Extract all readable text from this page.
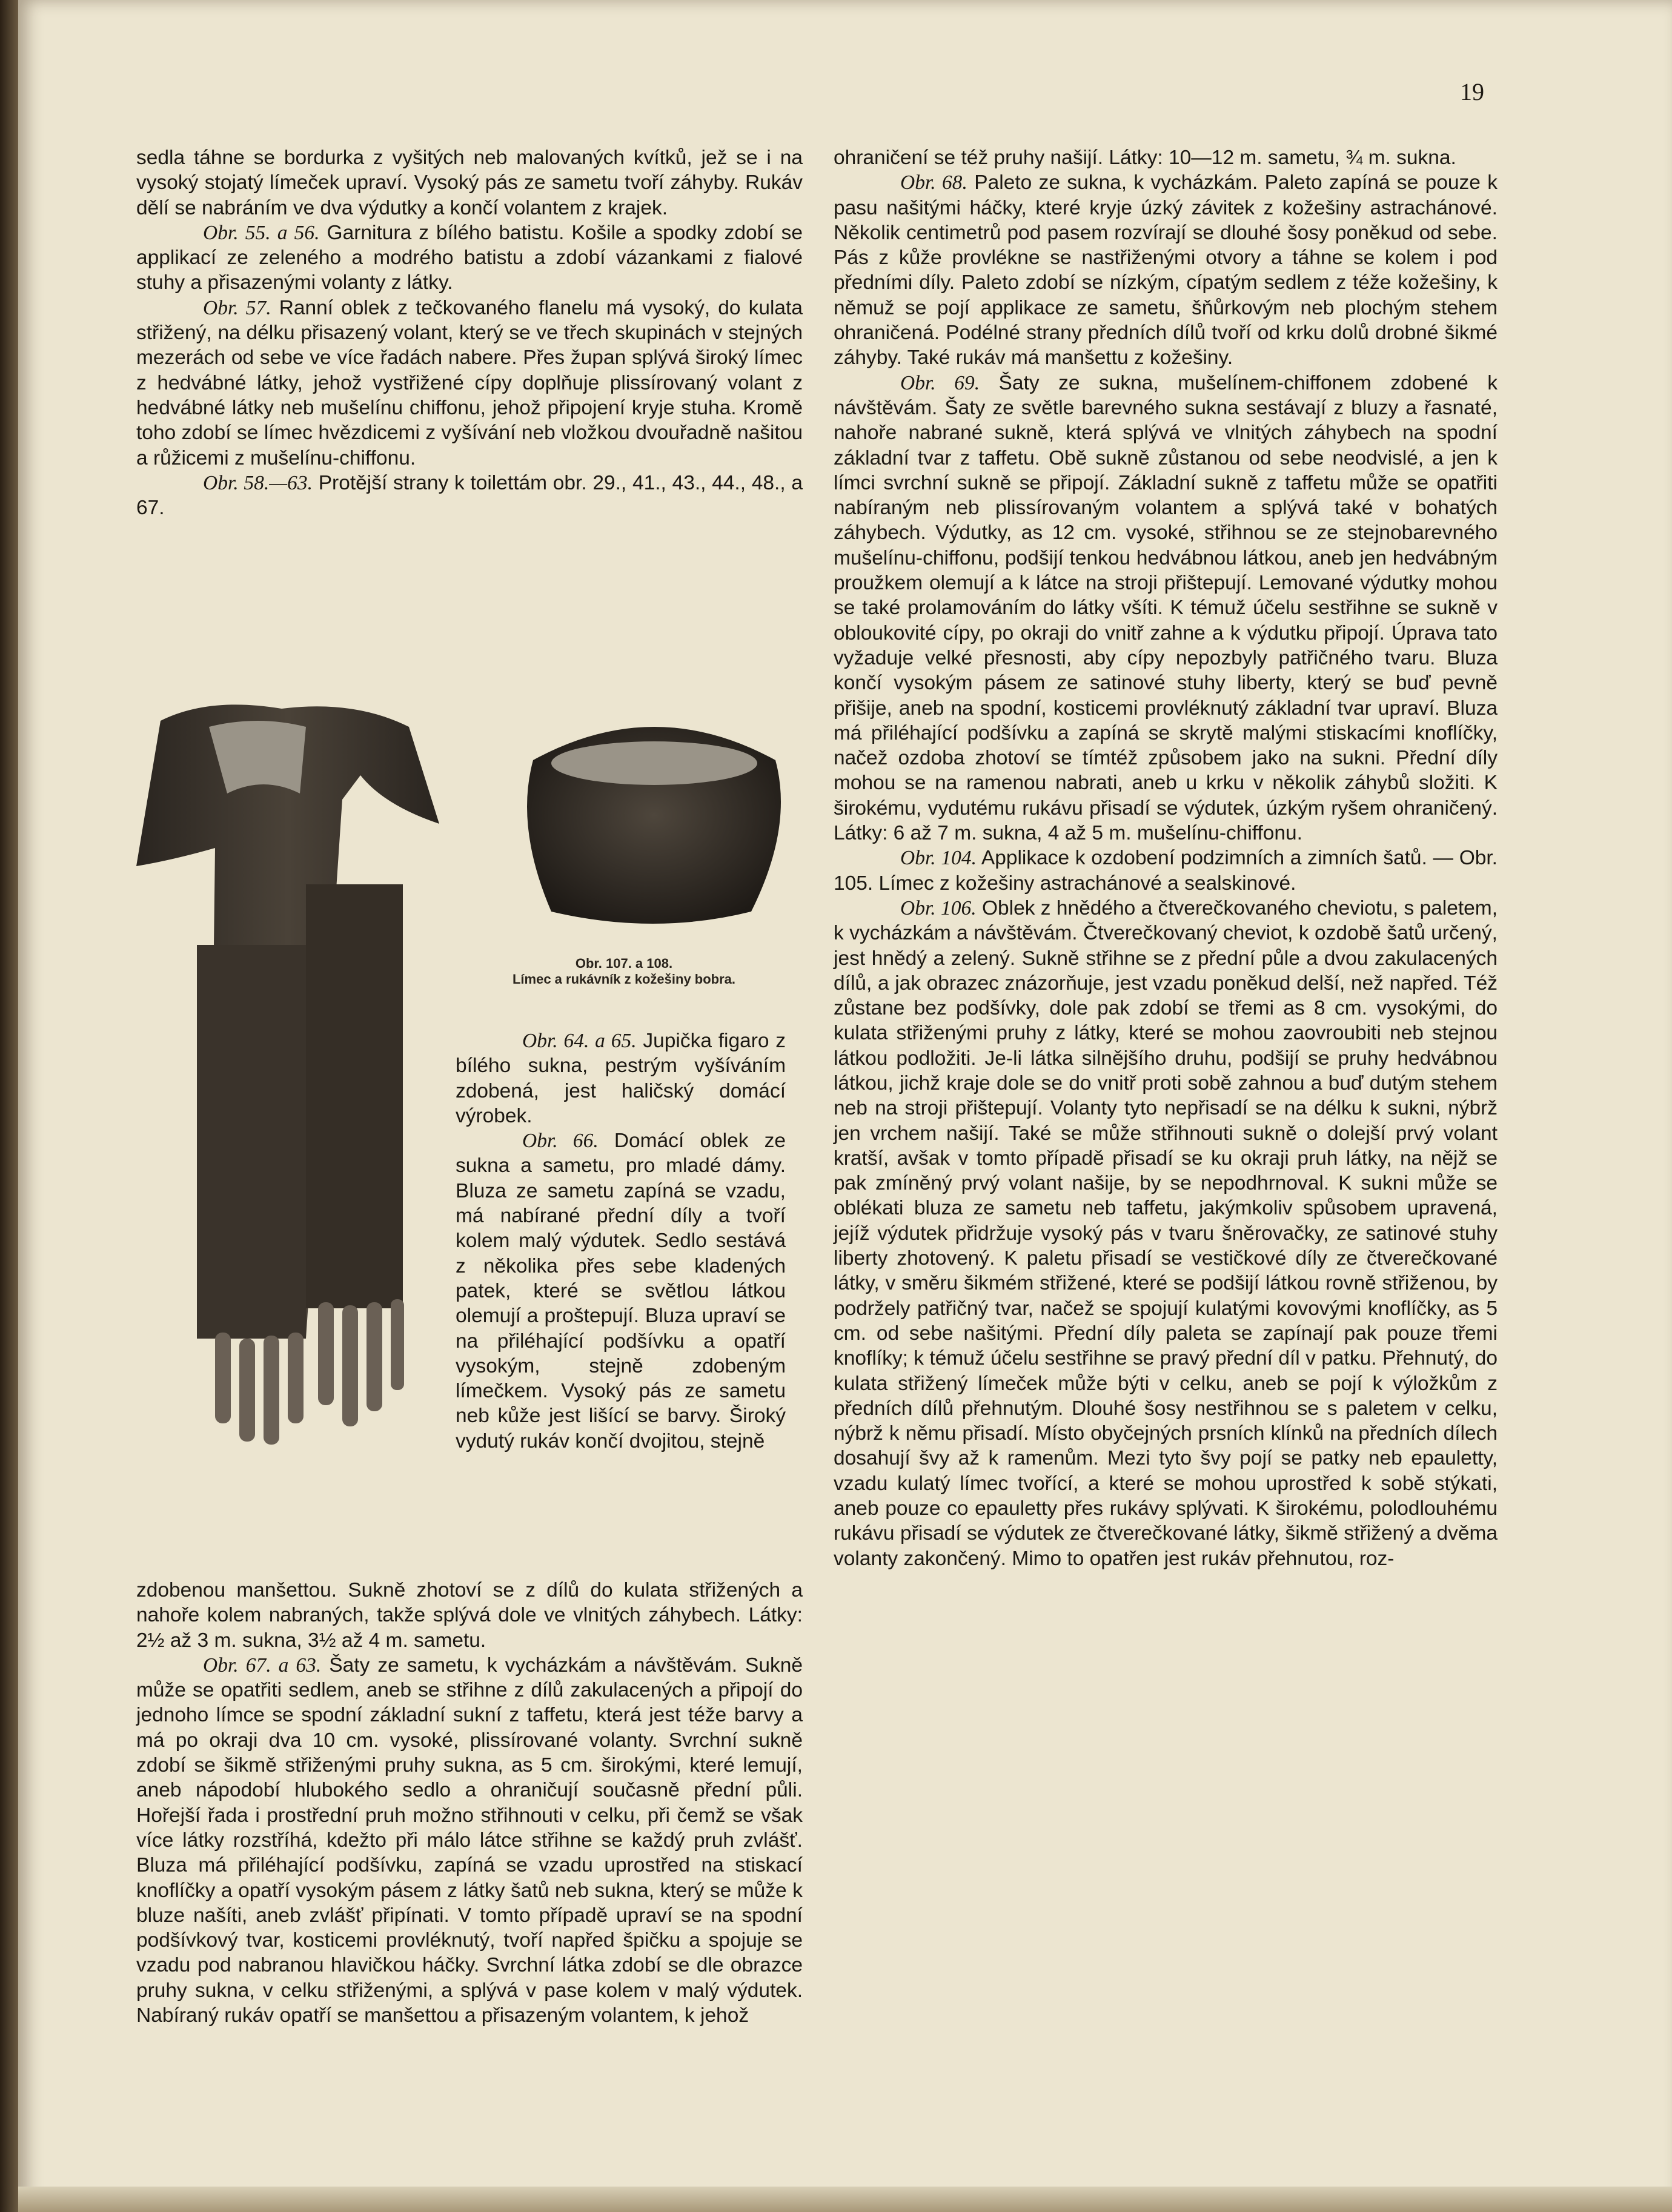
19

sedla táhne se bordurka z vyšitých neb malovaných kvítků, jež se i na vysoký stojatý límeček upraví. Vysoký pás ze sametu tvoří záhyby. Rukáv dělí se nabráním ve dva výdutky a končí volantem z krajek.

Obr. 55. a 56. Garnitura z bílého batistu. Košile a spodky zdobí se applikací ze zeleného a modrého batistu a zdobí vázankami z fialové stuhy a přisazenými volanty z látky.

Obr. 57. Ranní oblek z tečkovaného flanelu má vysoký, do kulata střižený, na délku přisazený volant, který se ve třech skupinách v stejných mezerách od sebe ve více řadách nabere. Přes župan splývá široký límec z hedvábné látky, jehož vystřižené cípy doplňuje plissírovaný volant z hedvábné látky neb mušelínu chiffonu, jehož připojení kryje stuha. Kromě toho zdobí se límec hvězdicemi z vyšívání neb vložkou dvouřadně našitou a růžicemi z mušelínu-chiffonu.

Obr. 58.—63. Protější strany k toilettám obr. 29., 41., 43., 44., 48., a 67.

Obr. 107. a 108.
Límec a rukávník z kožešiny bobra.

Obr. 64. a 65. Jupička figaro z bílého sukna, pestrým vyšíváním zdobená, jest haličský domácí výrobek.

Obr. 66. Domácí oblek ze sukna a sametu, pro mladé dámy. Bluza ze sametu zapíná se vzadu, má nabírané přední díly a tvoří kolem malý výdutek. Sedlo sestává z několika přes sebe kladených patek, které se světlou látkou olemují a proštepují. Bluza upraví se na přiléhající podšívku a opatří vysokým, stejně zdobeným límečkem. Vysoký pás ze sametu neb kůže jest lišící se barvy. Široký vydutý rukáv končí dvojitou, stejně

zdobenou manšettou. Sukně zhotoví se z dílů do kulata střižených a nahoře kolem nabraných, takže splývá dole ve vlnitých záhybech. Látky: 2½ až 3 m. sukna, 3½ až 4 m. sametu.

Obr. 67. a 63. Šaty ze sametu, k vycházkám a návštěvám. Sukně může se opatřiti sedlem, aneb se střihne z dílů zakulacených a připojí do jednoho límce se spodní základní sukní z taffetu, která jest téže barvy a má po okraji dva 10 cm. vysoké, plissírované volanty. Svrchní sukně zdobí se šikmě střiženými pruhy sukna, as 5 cm. širokými, které lemují, aneb nápodobí hlubokého sedlo a ohraničují současně přední půli. Hořejší řada i prostřední pruh možno střihnouti v celku, při čemž se však více látky rozstříhá, kdežto při málo látce střihne se každý pruh zvlášť. Bluza má přiléhající podšívku, zapíná se vzadu uprostřed na stiskací knoflíčky a opatří vysokým pásem z látky šatů neb sukna, který se může k bluze našíti, aneb zvlášť připínati. V tomto případě upraví se na spodní podšívkový tvar, kosticemi provléknutý, tvoří napřed špičku a spojuje se vzadu pod nabranou hlavičkou háčky. Svrchní látka zdobí se dle obrazce pruhy sukna, v celku střiženými, a splývá v pase kolem v malý výdutek. Nabíraný rukáv opatří se manšettou a přisazeným volantem, k jehož

ohraničení se též pruhy našijí. Látky: 10—12 m. sametu, ¾ m. sukna.

Obr. 68. Paleto ze sukna, k vycházkám. Paleto zapíná se pouze k pasu našitými háčky, které kryje úzký závitek z kožešiny astrachánové. Několik centimetrů pod pasem rozvírají se dlouhé šosy poněkud od sebe. Pás z kůže provlékne se nastřiženými otvory a táhne se kolem i pod předními díly. Paleto zdobí se nízkým, cípatým sedlem z téže kožešiny, k němuž se pojí applikace ze sametu, šňůrkovým neb plochým stehem ohraničená. Podélné strany předních dílů tvoří od krku dolů drobné šikmé záhyby. Také rukáv má manšettu z kožešiny.

Obr. 69. Šaty ze sukna, mušelínem-chiffonem zdobené k návštěvám. Šaty ze světle barevného sukna sestávají z bluzy a řasnaté, nahoře nabrané sukně, která splývá ve vlnitých záhybech na spodní základní tvar z taffetu. Obě sukně zůstanou od sebe neodvislé, a jen k límci svrchní sukně se připojí. Základní sukně z taffetu může se opatřiti nabíraným neb plissírovaným volantem a splývá také v bohatých záhybech. Výdutky, as 12 cm. vysoké, střihnou se ze stejnobarevného mušelínu-chiffonu, podšijí tenkou hedvábnou látkou, aneb jen hedvábným proužkem olemují a k látce na stroji přištepují. Lemované výdutky mohou se také prolamováním do látky všíti. K témuž účelu sestřihne se sukně v obloukovité cípy, po okraji do vnitř zahne a k výdutku připojí. Úprava tato vyžaduje velké přesnosti, aby cípy nepozbyly patřičného tvaru. Bluza končí vysokým pásem ze satinové stuhy liberty, který se buď pevně přišije, aneb na spodní, kosticemi provléknutý základní tvar upraví. Bluza má přiléhající podšívku a zapíná se skrytě malými stiskacími knoflíčky, načež ozdoba zhotoví se tímtéž způsobem jako na sukni. Přední díly mohou se na ramenou nabrati, aneb u krku v několik záhybů složiti. K širokému, vydutému rukávu přisadí se výdutek, úzkým ryšem ohraničený. Látky: 6 až 7 m. sukna, 4 až 5 m. mušelínu-chiffonu.

Obr. 104. Applikace k ozdobení podzimních a zimních šatů. — Obr. 105. Límec z kožešiny astrachánové a sealskinové.

Obr. 106. Oblek z hnědého a čtverečkovaného cheviotu, s paletem, k vycházkám a návštěvám. Čtverečkovaný cheviot, k ozdobě šatů určený, jest hnědý a zelený. Sukně střihne se z přední půle a dvou zakulacených dílů, a jak obrazec znázorňuje, jest vzadu poněkud delší, než napřed. Též zůstane bez podšívky, dole pak zdobí se třemi as 8 cm. vysokými, do kulata střiženými pruhy z látky, které se mohou zaovroubiti neb stejnou látkou podložiti. Je-li látka silnějšího druhu, podšijí se pruhy hedvábnou látkou, jichž kraje dole se do vnitř proti sobě zahnou a buď dutým stehem neb na stroji přištepují. Volanty tyto nepřisadí se na délku k sukni, nýbrž jen vrchem našijí. Také se může střihnouti sukně o dolejší prvý volant kratší, avšak v tomto případě přisadí se ku okraji pruh látky, na nějž se pak zmíněný prvý volant našije, by se nepodhrnoval. K sukni může se oblékati bluza ze sametu neb taffetu, jakýmkoliv spůsobem upravená, jejíž výdutek přidržuje vysoký pás v tvaru šněrovačky, ze satinové stuhy liberty zhotovený. K paletu přisadí se vestičkové díly ze čtverečkované látky, v směru šikmém střižené, které se podšijí látkou rovně střiženou, by podržely patřičný tvar, načež se spojují kulatými kovovými knoflíčky, as 5 cm. od sebe našitými. Přední díly paleta se zapínají pak pouze třemi knoflíky; k témuž účelu sestřihne se pravý přední díl v patku. Přehnutý, do kulata střižený límeček může býti v celku, aneb se pojí k výložkům z předních dílů přehnutým. Dlouhé šosy nestřihnou se s paletem v celku, nýbrž k němu přisadí. Místo obyčejných prsních klínků na předních dílech dosahují švy až k ramenům. Mezi tyto švy pojí se patky neb epauletty, vzadu kulatý límec tvořící, a které se mohou uprostřed k sobě stýkati, aneb pouze co epauletty přes rukávy splývati. K širokému, polodlouhému rukávu přisadí se výdutek ze čtverečkované látky, šikmě střižený a dvěma volanty zakončený. Mimo to opatřen jest rukáv přehnutou, roz-
